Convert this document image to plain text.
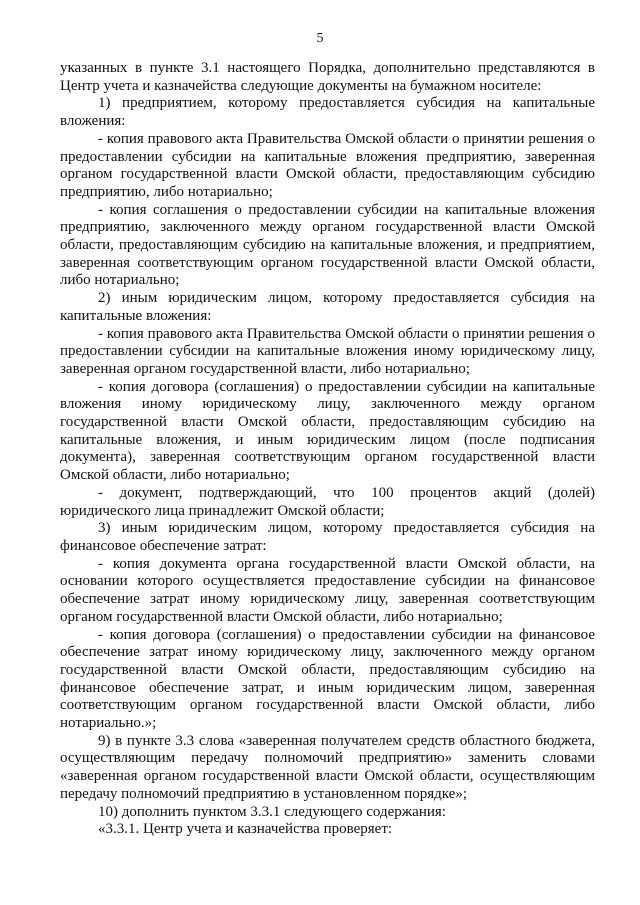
5

указанных в пункте 3.1 настоящего Порядка, дополнительно представляются в Центр учета и казначейства следующие документы на бумажном носителе:

1) предприятием, которому предоставляется субсидия на капитальные вложения:

- копия правового акта Правительства Омской области о принятии решения о предоставлении субсидии на капитальные вложения предприятию, заверенная органом государственной власти Омской области, предоставляющим субсидию предприятию, либо нотариально;

- копия соглашения о предоставлении субсидии на капитальные вложения предприятию, заключенного между органом государственной власти Омской области, предоставляющим субсидию на капитальные вложения, и предприятием, заверенная соответствующим органом государственной власти Омской области, либо нотариально;

2) иным юридическим лицом, которому предоставляется субсидия на капитальные вложения:

- копия правового акта Правительства Омской области о принятии решения о предоставлении субсидии на капитальные вложения иному юридическому лицу, заверенная органом государственной власти, либо нотариально;

- копия договора (соглашения) о предоставлении субсидии на капитальные вложения иному юридическому лицу, заключенного между органом государственной власти Омской области, предоставляющим субсидию на капитальные вложения, и иным юридическим лицом (после подписания документа), заверенная соответствующим органом государственной власти Омской области, либо нотариально;

- документ, подтверждающий, что 100 процентов акций (долей) юридического лица принадлежит Омской области;

3) иным юридическим лицом, которому предоставляется субсидия на финансовое обеспечение затрат:

- копия документа органа государственной власти Омской области, на основании которого осуществляется предоставление субсидии на финансовое обеспечение затрат иному юридическому лицу, заверенная соответствующим органом государственной власти Омской области, либо нотариально;

- копия договора (соглашения) о предоставлении субсидии на финансовое обеспечение затрат иному юридическому лицу, заключенного между органом государственной власти Омской области, предоставляющим субсидию на финансовое обеспечение затрат, и иным юридическим лицом, заверенная соответствующим органом государственной власти Омской области, либо нотариально.»;

9) в пункте 3.3 слова «заверенная получателем средств областного бюджета, осуществляющим передачу полномочий предприятию» заменить словами «заверенная органом государственной власти Омской области, осуществляющим передачу полномочий предприятию в установленном порядке»;

10) дополнить пунктом 3.3.1 следующего содержания:

«3.3.1. Центр учета и казначейства проверяет:
